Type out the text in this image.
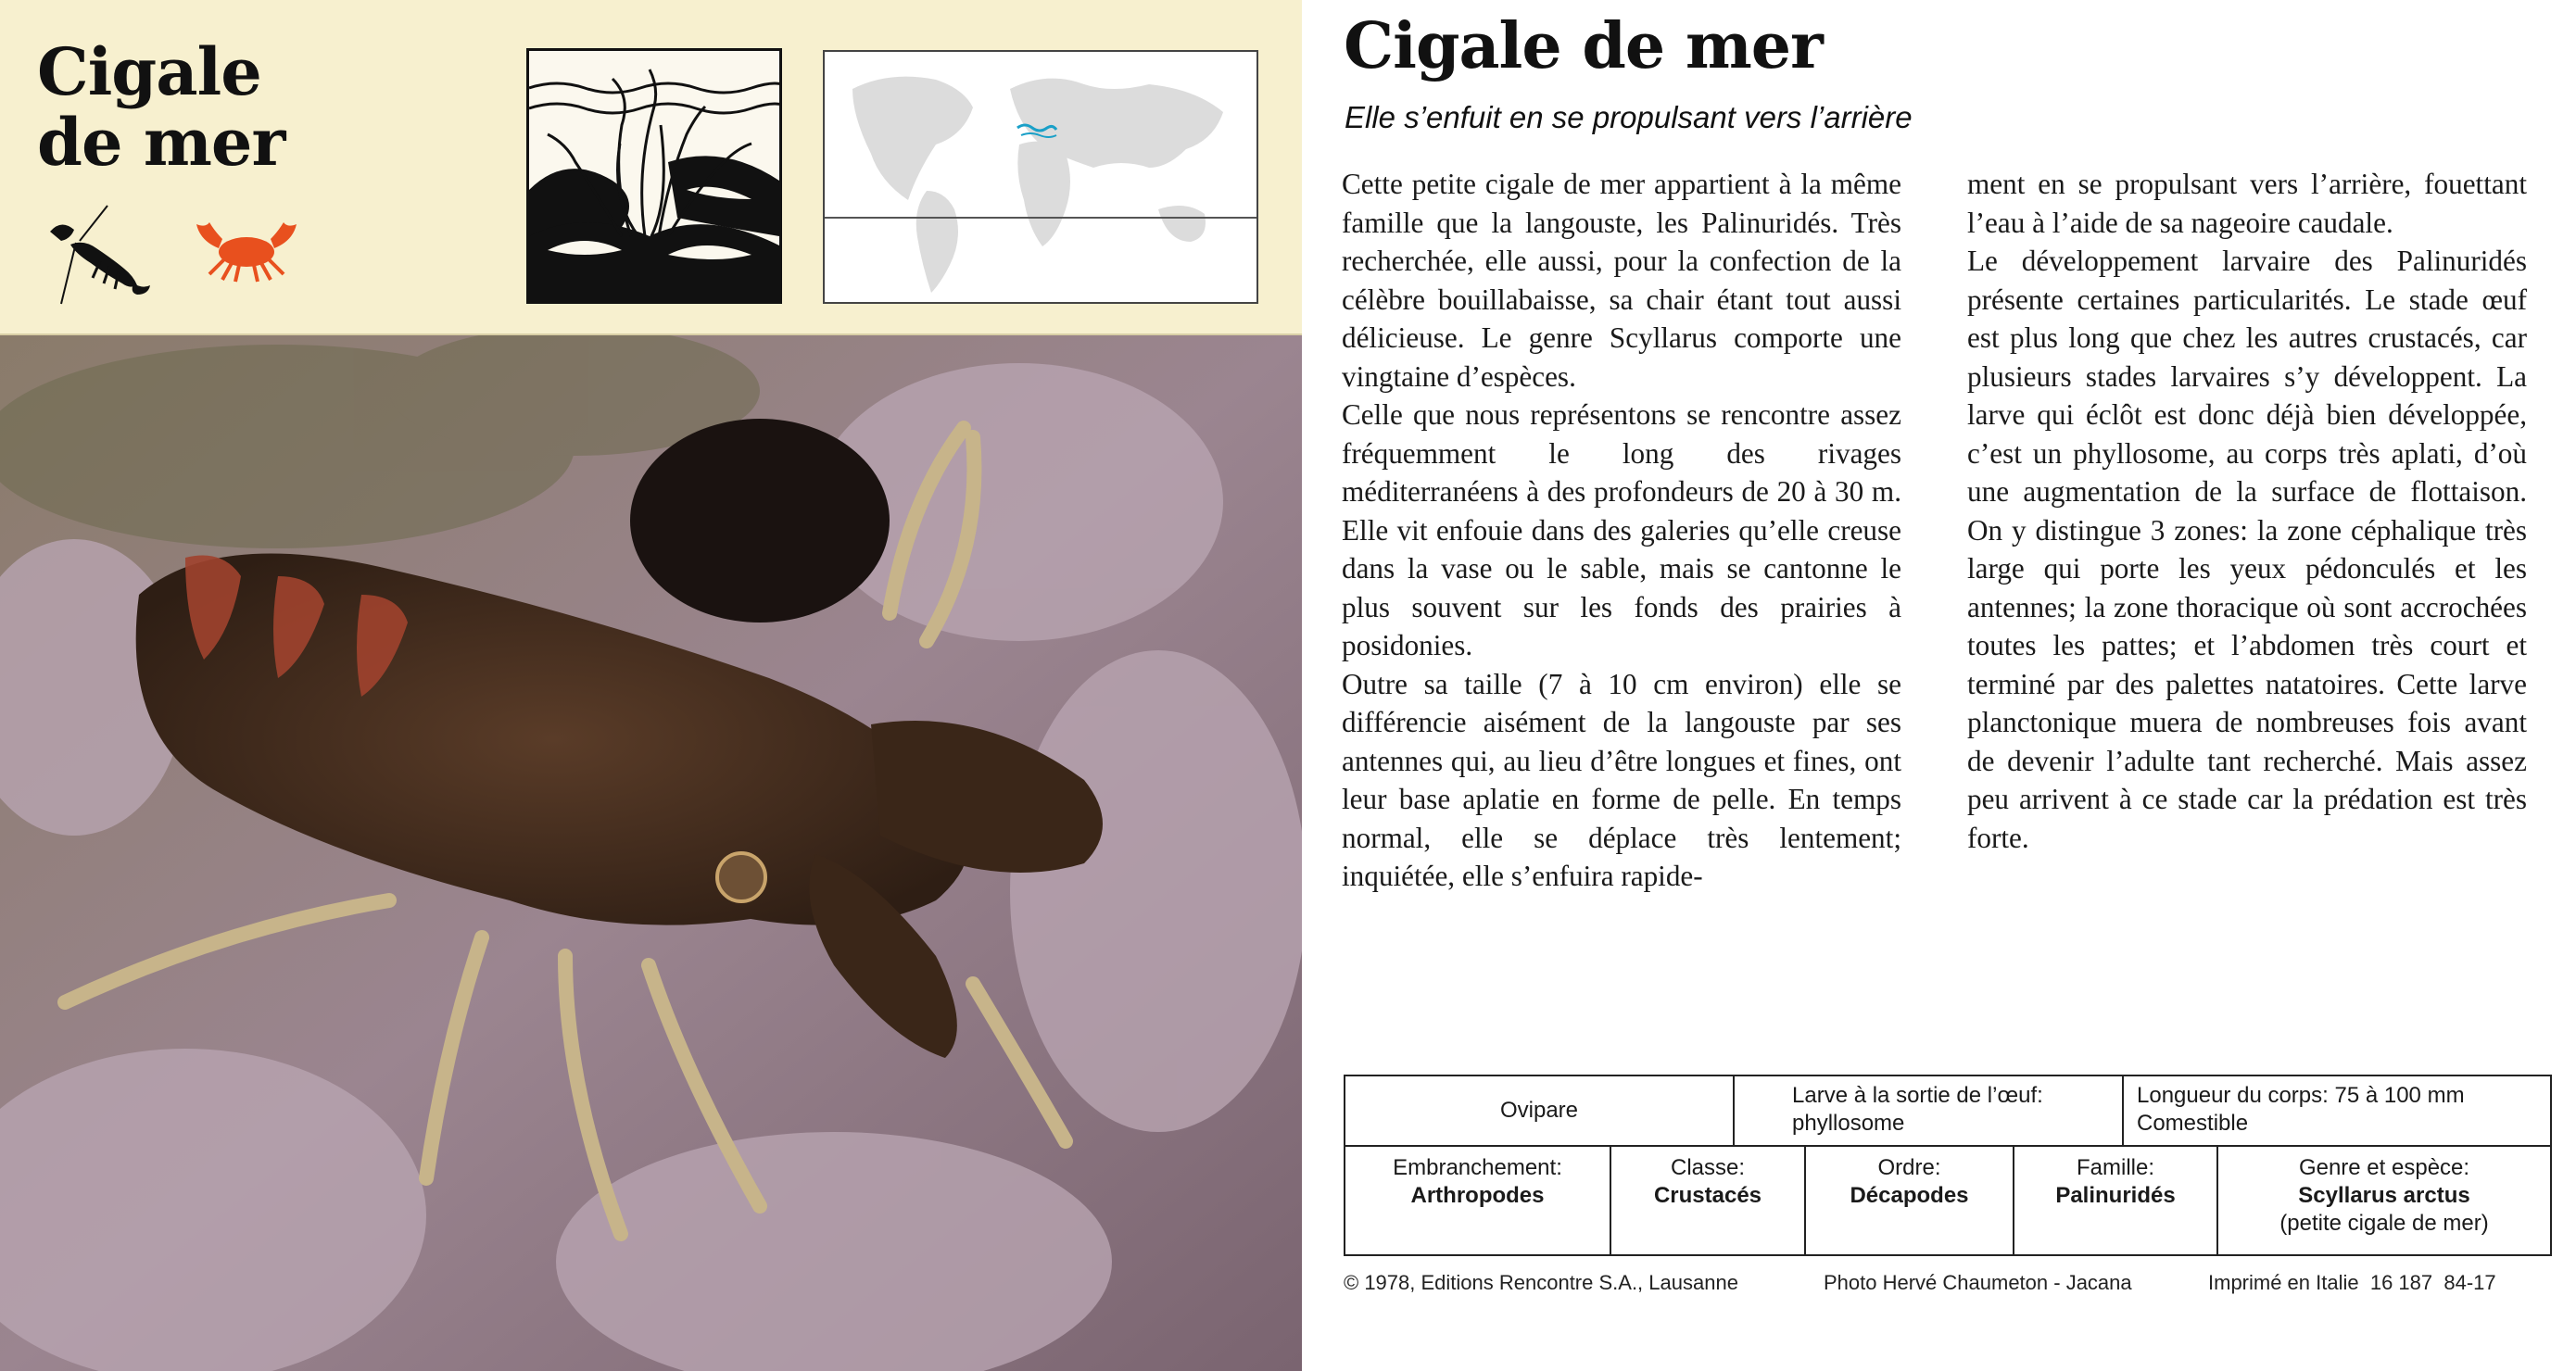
Cigale
de mer
Cigale de mer
Elle s’enfuit en se propulsant vers l’arrière

Cette petite cigale de mer appartient à la même famille que la langouste, les Palinuridés. Très recherchée, elle aussi, pour la confection de la célèbre bouillabaisse, sa chair étant tout aussi délicieuse. Le genre Scyllarus comporte une vingtaine d’espèces.

Celle que nous représentons se rencontre assez fréquemment le long des rivages méditerranéens à des profondeurs de 20 à 30 m. Elle vit enfouie dans des galeries qu’elle creuse dans la vase ou le sable, mais se cantonne le plus souvent sur les fonds des prairies à posidonies.

Outre sa taille (7 à 10 cm environ) elle se différencie aisément de la langouste par ses antennes qui, au lieu d’être longues et fines, ont leur base aplatie en forme de pelle. En temps normal, elle se déplace très lentement; inquiétée, elle s’enfuira rapide-

ment en se propulsant vers l’arrière, fouettant l’eau à l’aide de sa nageoire caudale.

Le développement larvaire des Palinuridés présente certaines particularités. Le stade œuf est plus long que chez les autres crustacés, car plusieurs stades larvaires s’y développent. La larve qui éclôt est donc déjà bien développée, c’est un phyllosome, au corps très aplati, d’où une augmentation de la surface de flottaison. On y distingue 3 zones: la zone céphalique très large qui porte les yeux pédonculés et les antennes; la zone thoracique où sont accrochées toutes les pattes; et l’abdomen très court et terminé par des palettes natatoires. Cette larve planctonique muera de nombreuses fois avant de devenir l’adulte tant recherché. Mais assez peu arrivent à ce stade car la prédation est très forte.

Ovipare
Larve à la sortie de l’œuf:
phyllosome
Longueur du corps: 75 à 100 mm
Comestible
Embranchement:
Arthropodes
Classe:
Crustacés
Ordre:
Décapodes
Famille:
Palinuridés
Genre et espèce:
Scyllarus arctus
(petite cigale de mer)
© 1978, Editions Rencontre S.A., Lausanne	Photo Hervé Chaumeton - Jacana	Imprimé en Italie  16 187  84-17
